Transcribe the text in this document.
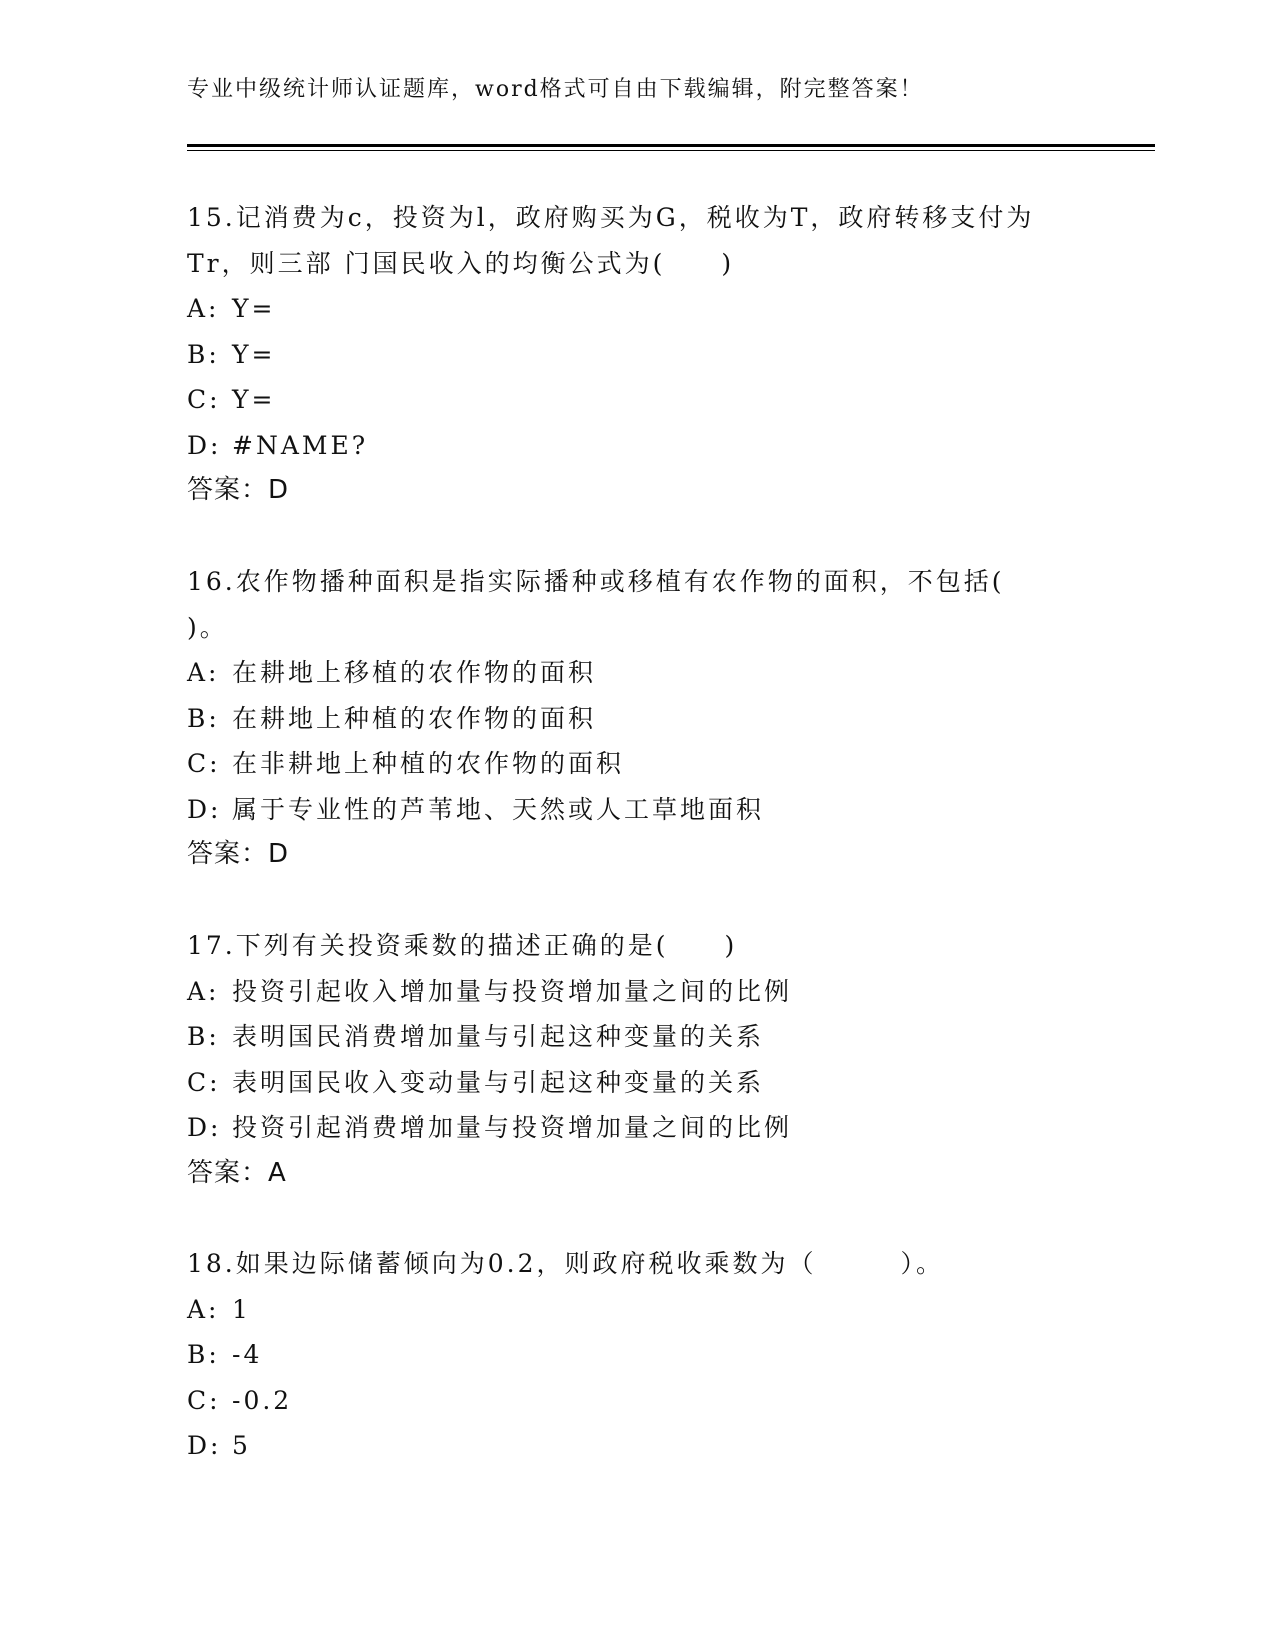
专业中级统计师认证题库，word格式可自由下载编辑，附完整答案！
15.记消费为c，投资为l，政府购买为G，税收为T，政府转移支付为
Tr，则三部 门国民收入的均衡公式为(　　)
A: Y=
B: Y=
C: Y=
D: #NAME?
答案：D
16.农作物播种面积是指实际播种或移植有农作物的面积，不包括(
)。
A: 在耕地上移植的农作物的面积
B: 在耕地上种植的农作物的面积
C: 在非耕地上种植的农作物的面积
D: 属于专业性的芦苇地、天然或人工草地面积
答案：D
17.下列有关投资乘数的描述正确的是(　　)
A: 投资引起收入增加量与投资增加量之间的比例
B: 表明国民消费增加量与引起这种变量的关系
C: 表明国民收入变动量与引起这种变量的关系
D: 投资引起消费增加量与投资增加量之间的比例
答案：A
18.如果边际储蓄倾向为0.2，则政府税收乘数为（　　　）。
A: 1
B: -4
C: -0.2
D: 5
